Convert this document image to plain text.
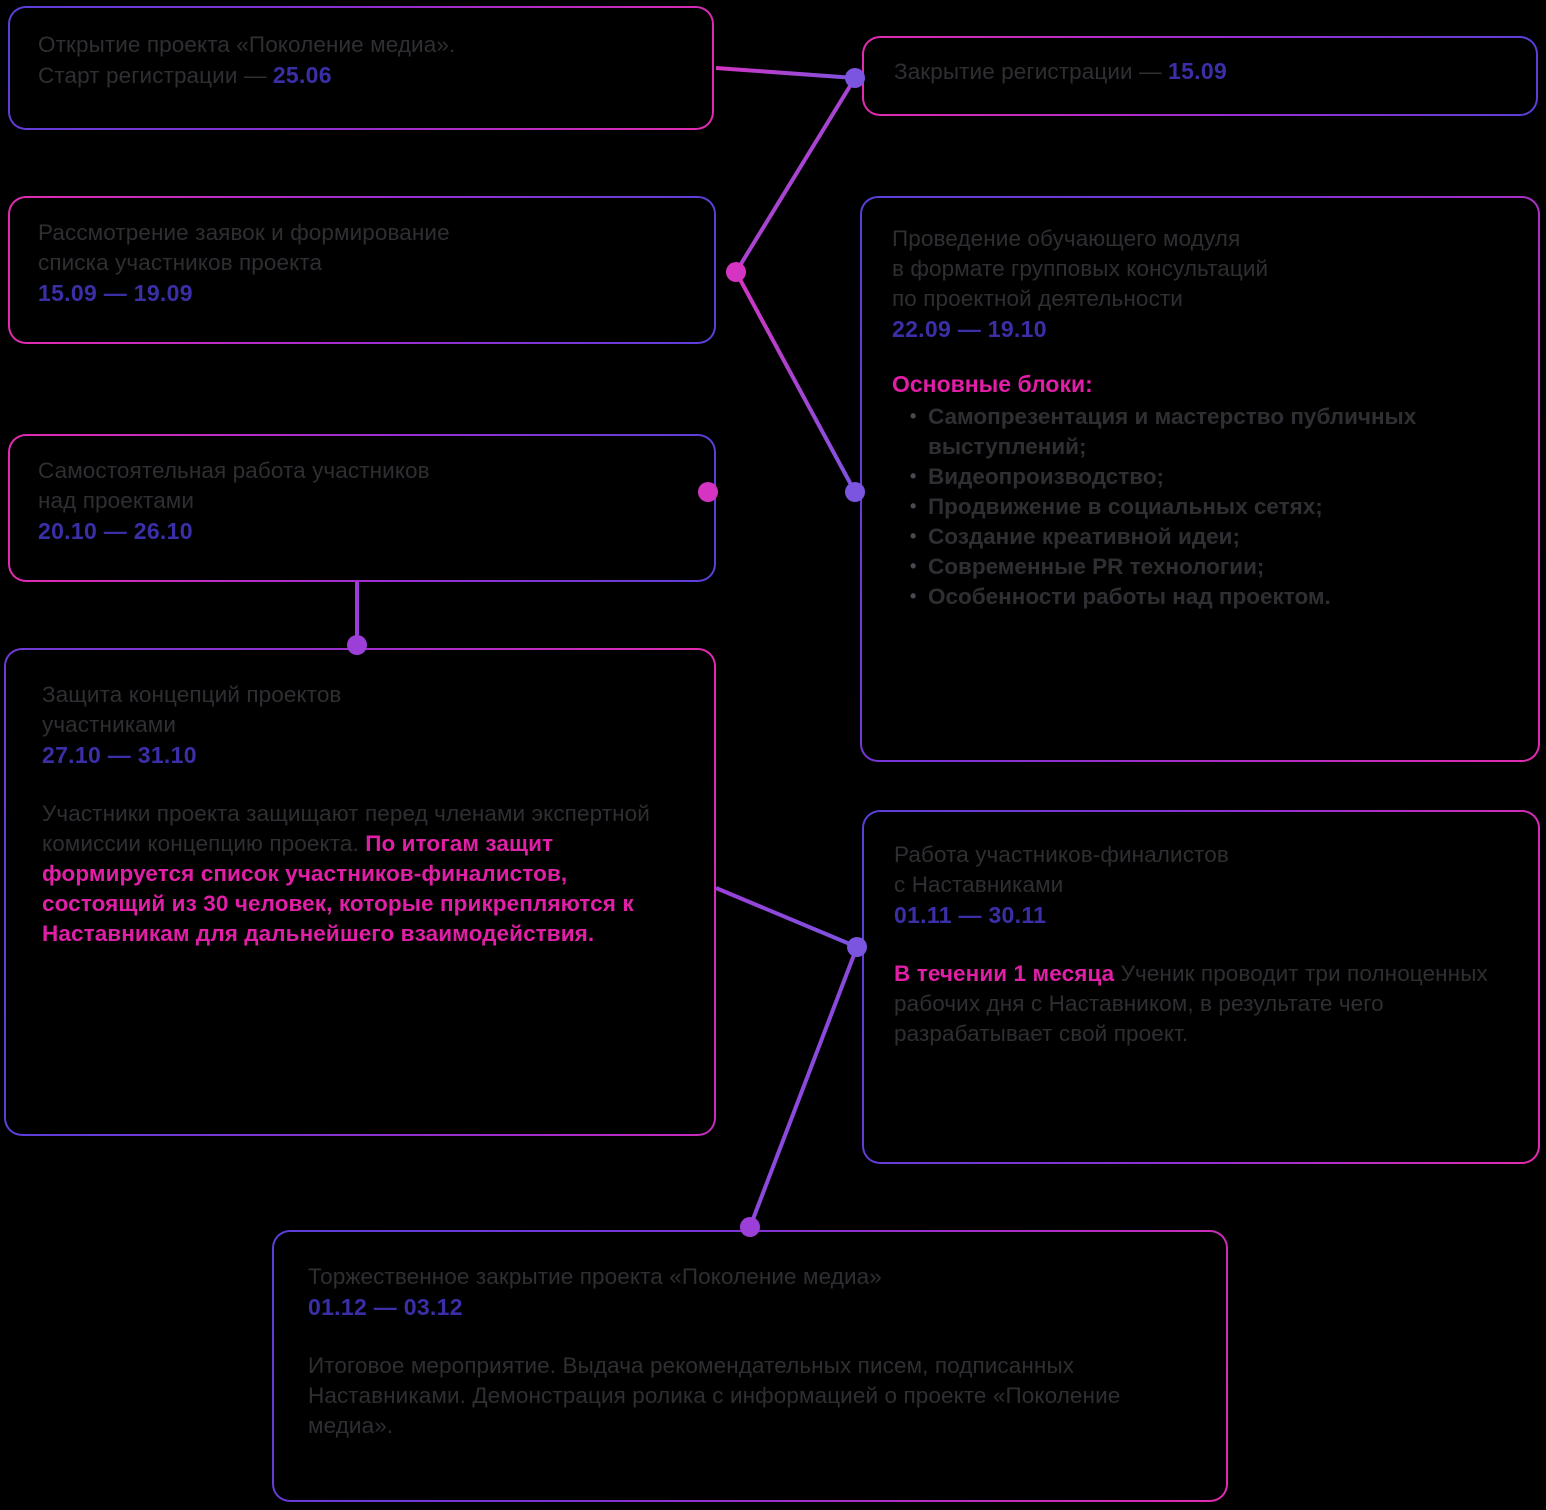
Открытие проекта «Поколение медиа».
Старт регистрации — 25.06	Закрытие регистрации — 15.09
Рассмотрение заявок и формирование
списка участников проекта
15.09 — 19.09
Проведение обучающего модуля
в формате групповых консультаций
по проектной деятельности
22.09 — 19.10
Основные блоки:
• Самопрезентация и мастерство публичных выступлений;
• Видеопроизводство;
• Продвижение в социальных сетях;
• Создание креативной идеи;
• Современные PR технологии;
• Особенности работы над проектом.
Самостоятельная работа участников
над проектами
20.10 — 26.10
Защита концепций проектов
участниками
27.10 — 31.10
Участники проекта защищают перед членами экспертной комиссии концепцию проекта. По итогам защит формируется список участников-финалистов, состоящий из 30 человек, которые прикрепляются к Наставникам для дальнейшего взаимодействия.
Работа участников-финалистов
с Наставниками
01.11 — 30.11
В течении 1 месяца Ученик проводит три полноценных рабочих дня с Наставником, в результате чего разрабатывает свой проект.
Торжественное закрытие проекта «Поколение медиа»
01.12 — 03.12
Итоговое мероприятие. Выдача рекомендательных писем, подписанных Наставниками. Демонстрация ролика с информацией о проекте «Поколение медиа».
